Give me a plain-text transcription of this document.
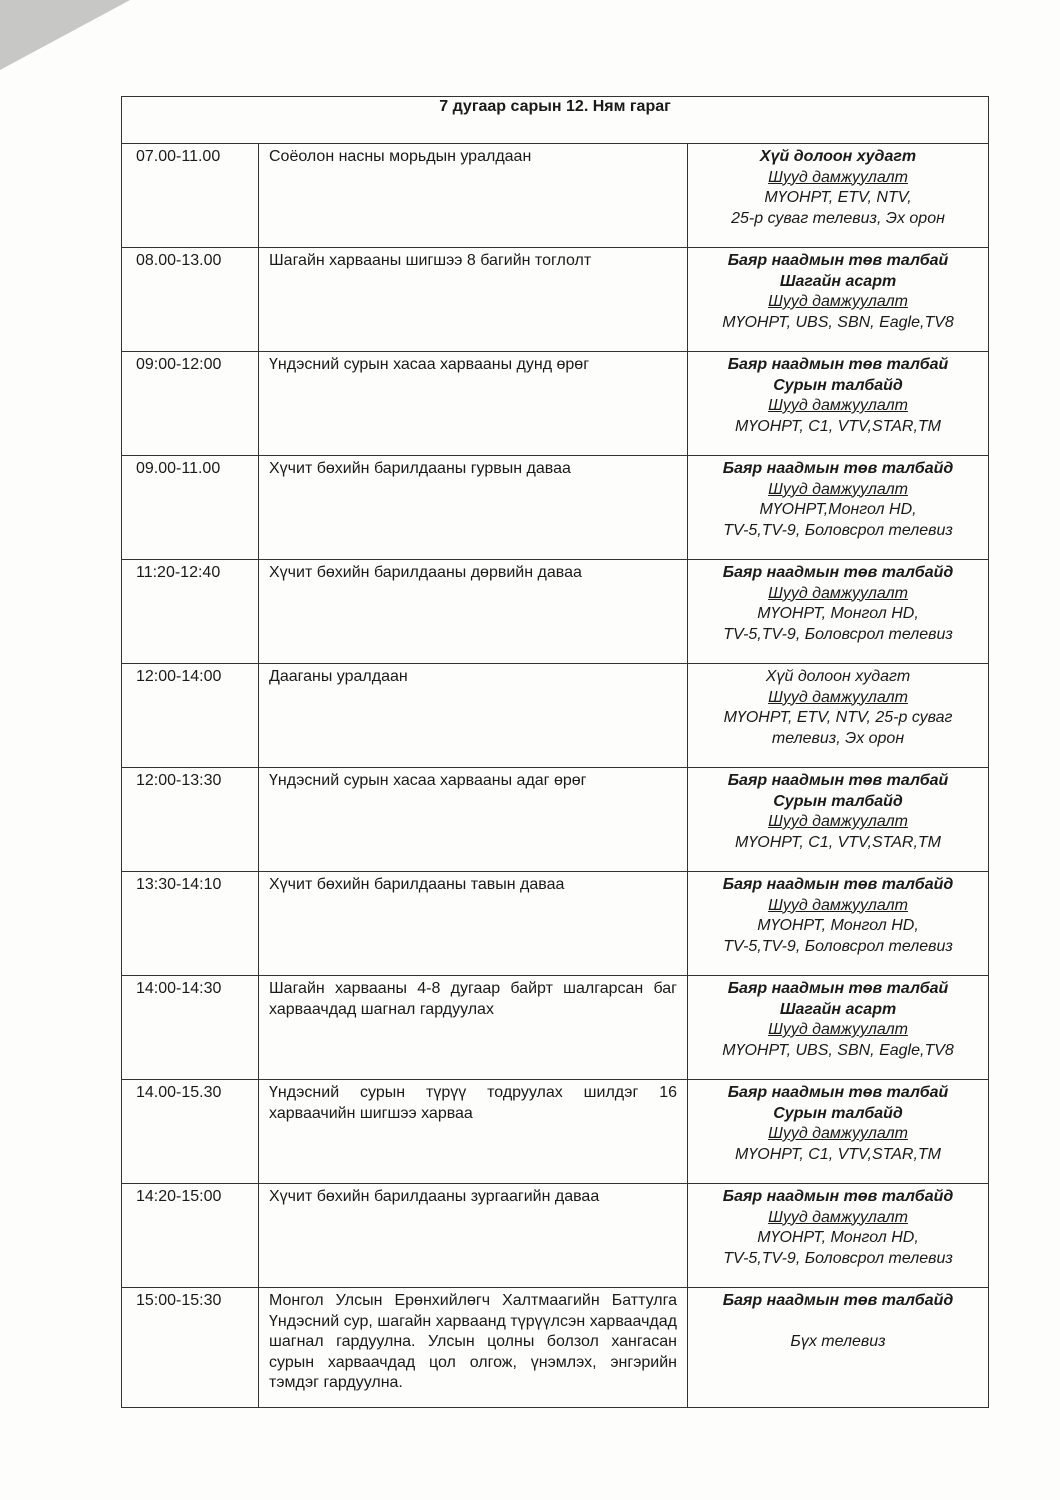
7 дугаар сарын 12. Ням гараг		
07.00-11.00	Соёолон насны морьдын уралдаан	Хүй долоон худагт
Шууд дамжуулалт
МҮОНРТ, ETV, NTV,
25-р суваг телевиз, Эх орон

08.00-13.00	Шагайн харвааны шигшээ 8 багийн тоглолт	Баяр наадмын төв талбай
Шагайн асарт
Шууд дамжуулалт
МҮОНРТ, UBS, SBN, Eagle,TV8

09:00-12:00	Үндэсний сурын хасаа харвааны дунд өрөг	Баяр наадмын төв талбай
Сурын талбайд
Шууд дамжуулалт
МҮОНРТ, C1, VTV,STAR,TM

09.00-11.00	Хүчит бөхийн барилдааны гурвын даваа	Баяр наадмын төв талбайд
Шууд дамжуулалт
МҮОНРТ,Монгол HD,
TV-5,TV-9, Боловсрол телевиз

11:20-12:40	Хүчит бөхийн барилдааны дөрвийн даваа	Баяр наадмын төв талбайд
Шууд дамжуулалт
МҮОНРТ, Монгол HD,
TV-5,TV-9, Боловсрол телевиз

12:00-14:00	Дааганы уралдаан	Хүй долоон худагт
Шууд дамжуулалт
МҮОНРТ, ETV, NTV, 25-р суваг
телевиз, Эх орон

12:00-13:30	Үндэсний сурын хасаа харвааны адаг өрөг	Баяр наадмын төв талбай
Сурын талбайд
Шууд дамжуулалт
МҮОНРТ, C1, VTV,STAR,TM

13:30-14:10	Хүчит бөхийн барилдааны тавын даваа	Баяр наадмын төв талбайд
Шууд дамжуулалт
МҮОНРТ, Монгол HD,
TV-5,TV-9, Боловсрол телевиз

14:00-14:30	Шагайн харвааны 4-8 дугаар байрт шалгарсан баг харваачдад шагнал гардуулах	Баяр наадмын төв талбай
Шагайн асарт
Шууд дамжуулалт
МҮОНРТ, UBS, SBN, Eagle,TV8

14.00-15.30	Үндэсний сурын түрүү тодруулах шилдэг 16 харваачийн шигшээ харваа	Баяр наадмын төв талбай
Сурын талбайд
Шууд дамжуулалт
МҮОНРТ, C1, VTV,STAR,TM

14:20-15:00	Хүчит бөхийн барилдааны зургаагийн даваа	Баяр наадмын төв талбайд
Шууд дамжуулалт
МҮОНРТ, Монгол HD,
TV-5,TV-9, Боловсрол телевиз

15:00-15:30	Монгол Улсын Ерөнхийлөгч Халтмаагийн Баттулга Үндэсний сур, шагайн харвaанд түрүүлсэн харваачдад шагнал гардуулна. Улсын цолны болзол хангасан сурын харваачдад цол олгож, үнэмлэх, энгэрийн тэмдэг гардуулна.	Баяр наадмын төв талбайд
Бүх телевиз
